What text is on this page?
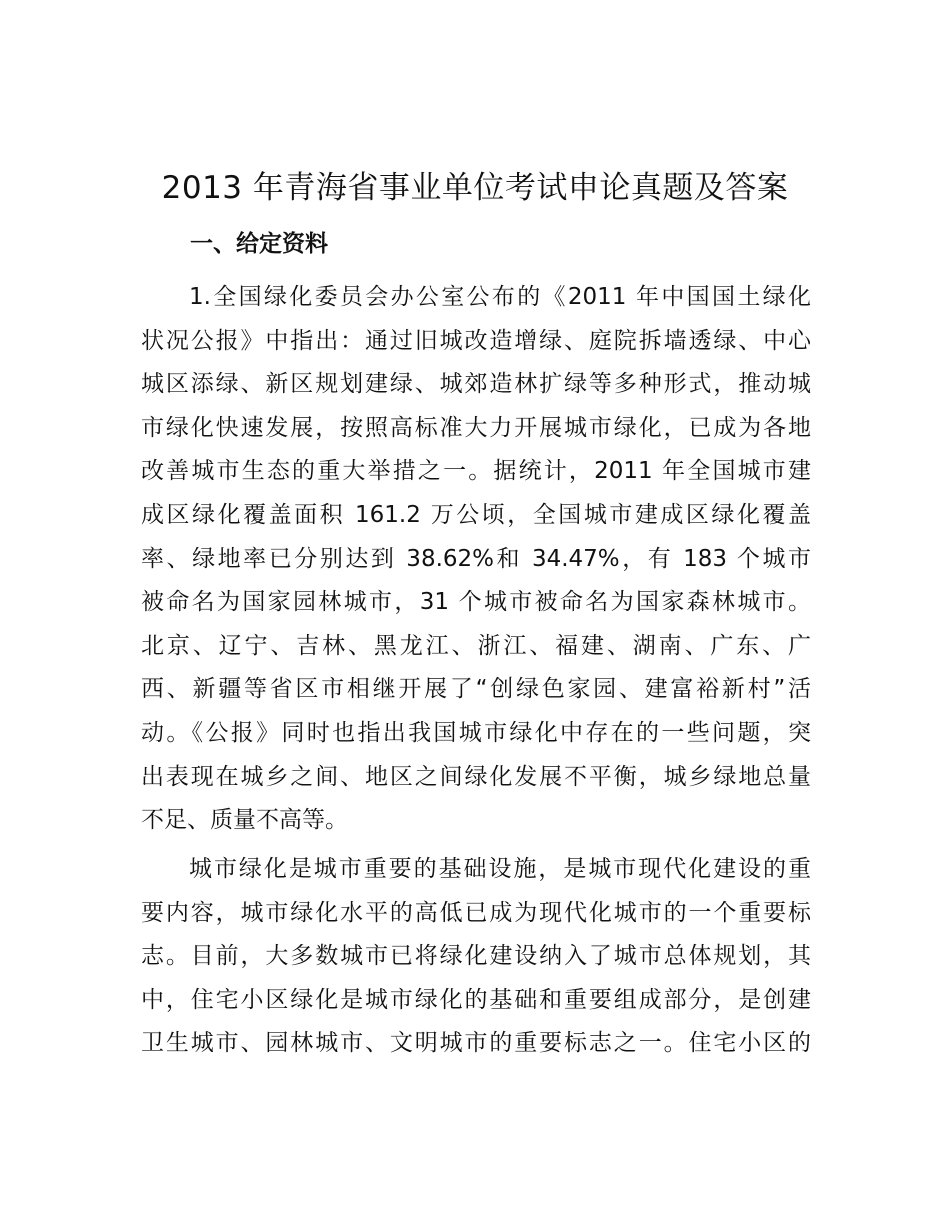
2013 年青海省事业单位考试申论真题及答案
一、给定资料
1.全国绿化委员会办公室公布的《2011 年中国国土绿化
状况公报》中指出：通过旧城改造增绿、庭院拆墙透绿、中心
城区添绿、新区规划建绿、城郊造林扩绿等多种形式，推动城
市绿化快速发展，按照高标准大力开展城市绿化，已成为各地
改善城市生态的重大举措之一。据统计，2011 年全国城市建
成区绿化覆盖面积 161.2 万公顷，全国城市建成区绿化覆盖
率、绿地率已分别达到 38.62%和 34.47%，有 183 个城市
被命名为国家园林城市，31 个城市被命名为国家森林城市。
北京、辽宁、吉林、黑龙江、浙江、福建、湖南、广东、广
西、新疆等省区市相继开展了“创绿色家园、建富裕新村”活
动。《公报》同时也指出我国城市绿化中存在的一些问题，突
出表现在城乡之间、地区之间绿化发展不平衡，城乡绿地总量
不足、质量不高等。
城市绿化是城市重要的基础设施，是城市现代化建设的重
要内容，城市绿化水平的高低已成为现代化城市的一个重要标
志。目前，大多数城市已将绿化建设纳入了城市总体规划，其
中，住宅小区绿化是城市绿化的基础和重要组成部分，是创建
卫生城市、园林城市、文明城市的重要标志之一。住宅小区的
